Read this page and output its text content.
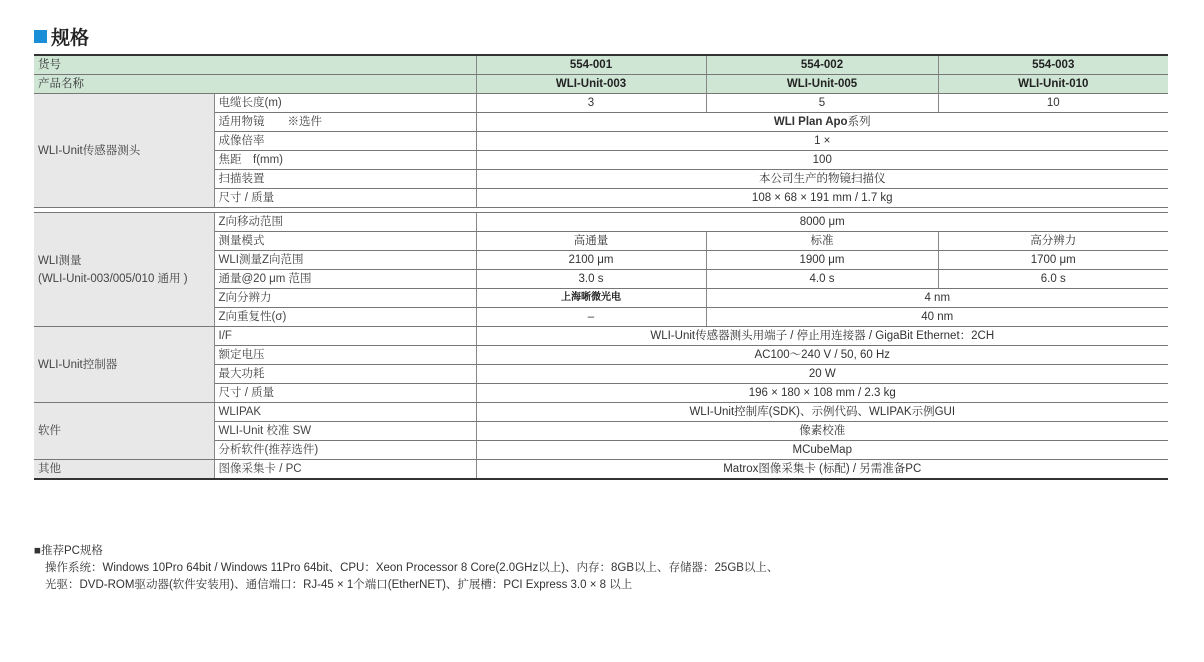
规格
货号		554-001	554-002	554-003
产品名称		WLI-Unit-003	WLI-Unit-005	WLI-Unit-010
WLI-Unit传感器测头	电缆长度(m)	3	5	10
	适用物镜　　※选件	WLI Plan Apo系列		
	成像倍率	1 ×		
	焦距　f(mm)	100		
	扫描装置	本公司生产的物镜扫描仪		
	尺寸 / 质量	108 × 68 × 191 mm / 1.7 kg		

WLI测量
(WLI-Unit-003/005/010 通用 )	Z向移动范围	8000 μm		
	测量模式	高通量	标准	高分辨力
	WLI测量Z向范围	2100 μm	1900 μm	1700 μm
	通量@20 μm 范围	3.0 s	4.0 s	6.0 s
	Z向分辨力	上海晰微光电	4 nm	
	Z向重复性(σ)	–	40 nm	
WLI-Unit控制器	I/F	WLI-Unit传感器测头用端子 / 停止用连接器 / GigaBit Ethernet：2CH		
	额定电压	AC100～240 V / 50, 60 Hz		
	最大功耗	20 W		
	尺寸 / 质量	196 × 180 × 108 mm / 2.3 kg		
软件	WLIPAK	WLI-Unit控制库(SDK)、示例代码、WLIPAK示例GUI		
	WLI-Unit 校准 SW	像素校准		
	分析软件(推荐选件)	MCubeMap		
其他	图像采集卡 / PC	Matrox图像采集卡 (标配) / 另需准备PC		
■推荐PC规格
操作系统：Windows 10Pro 64bit / Windows 11Pro 64bit、CPU：Xeon Processor 8 Core(2.0GHz以上)、内存：8GB以上、存储器：25GB以上、
光驱：DVD-ROM驱动器(软件安装用)、通信端口：RJ-45 × 1个端口(EtherNET)、扩展槽：PCI Express 3.0 × 8 以上
